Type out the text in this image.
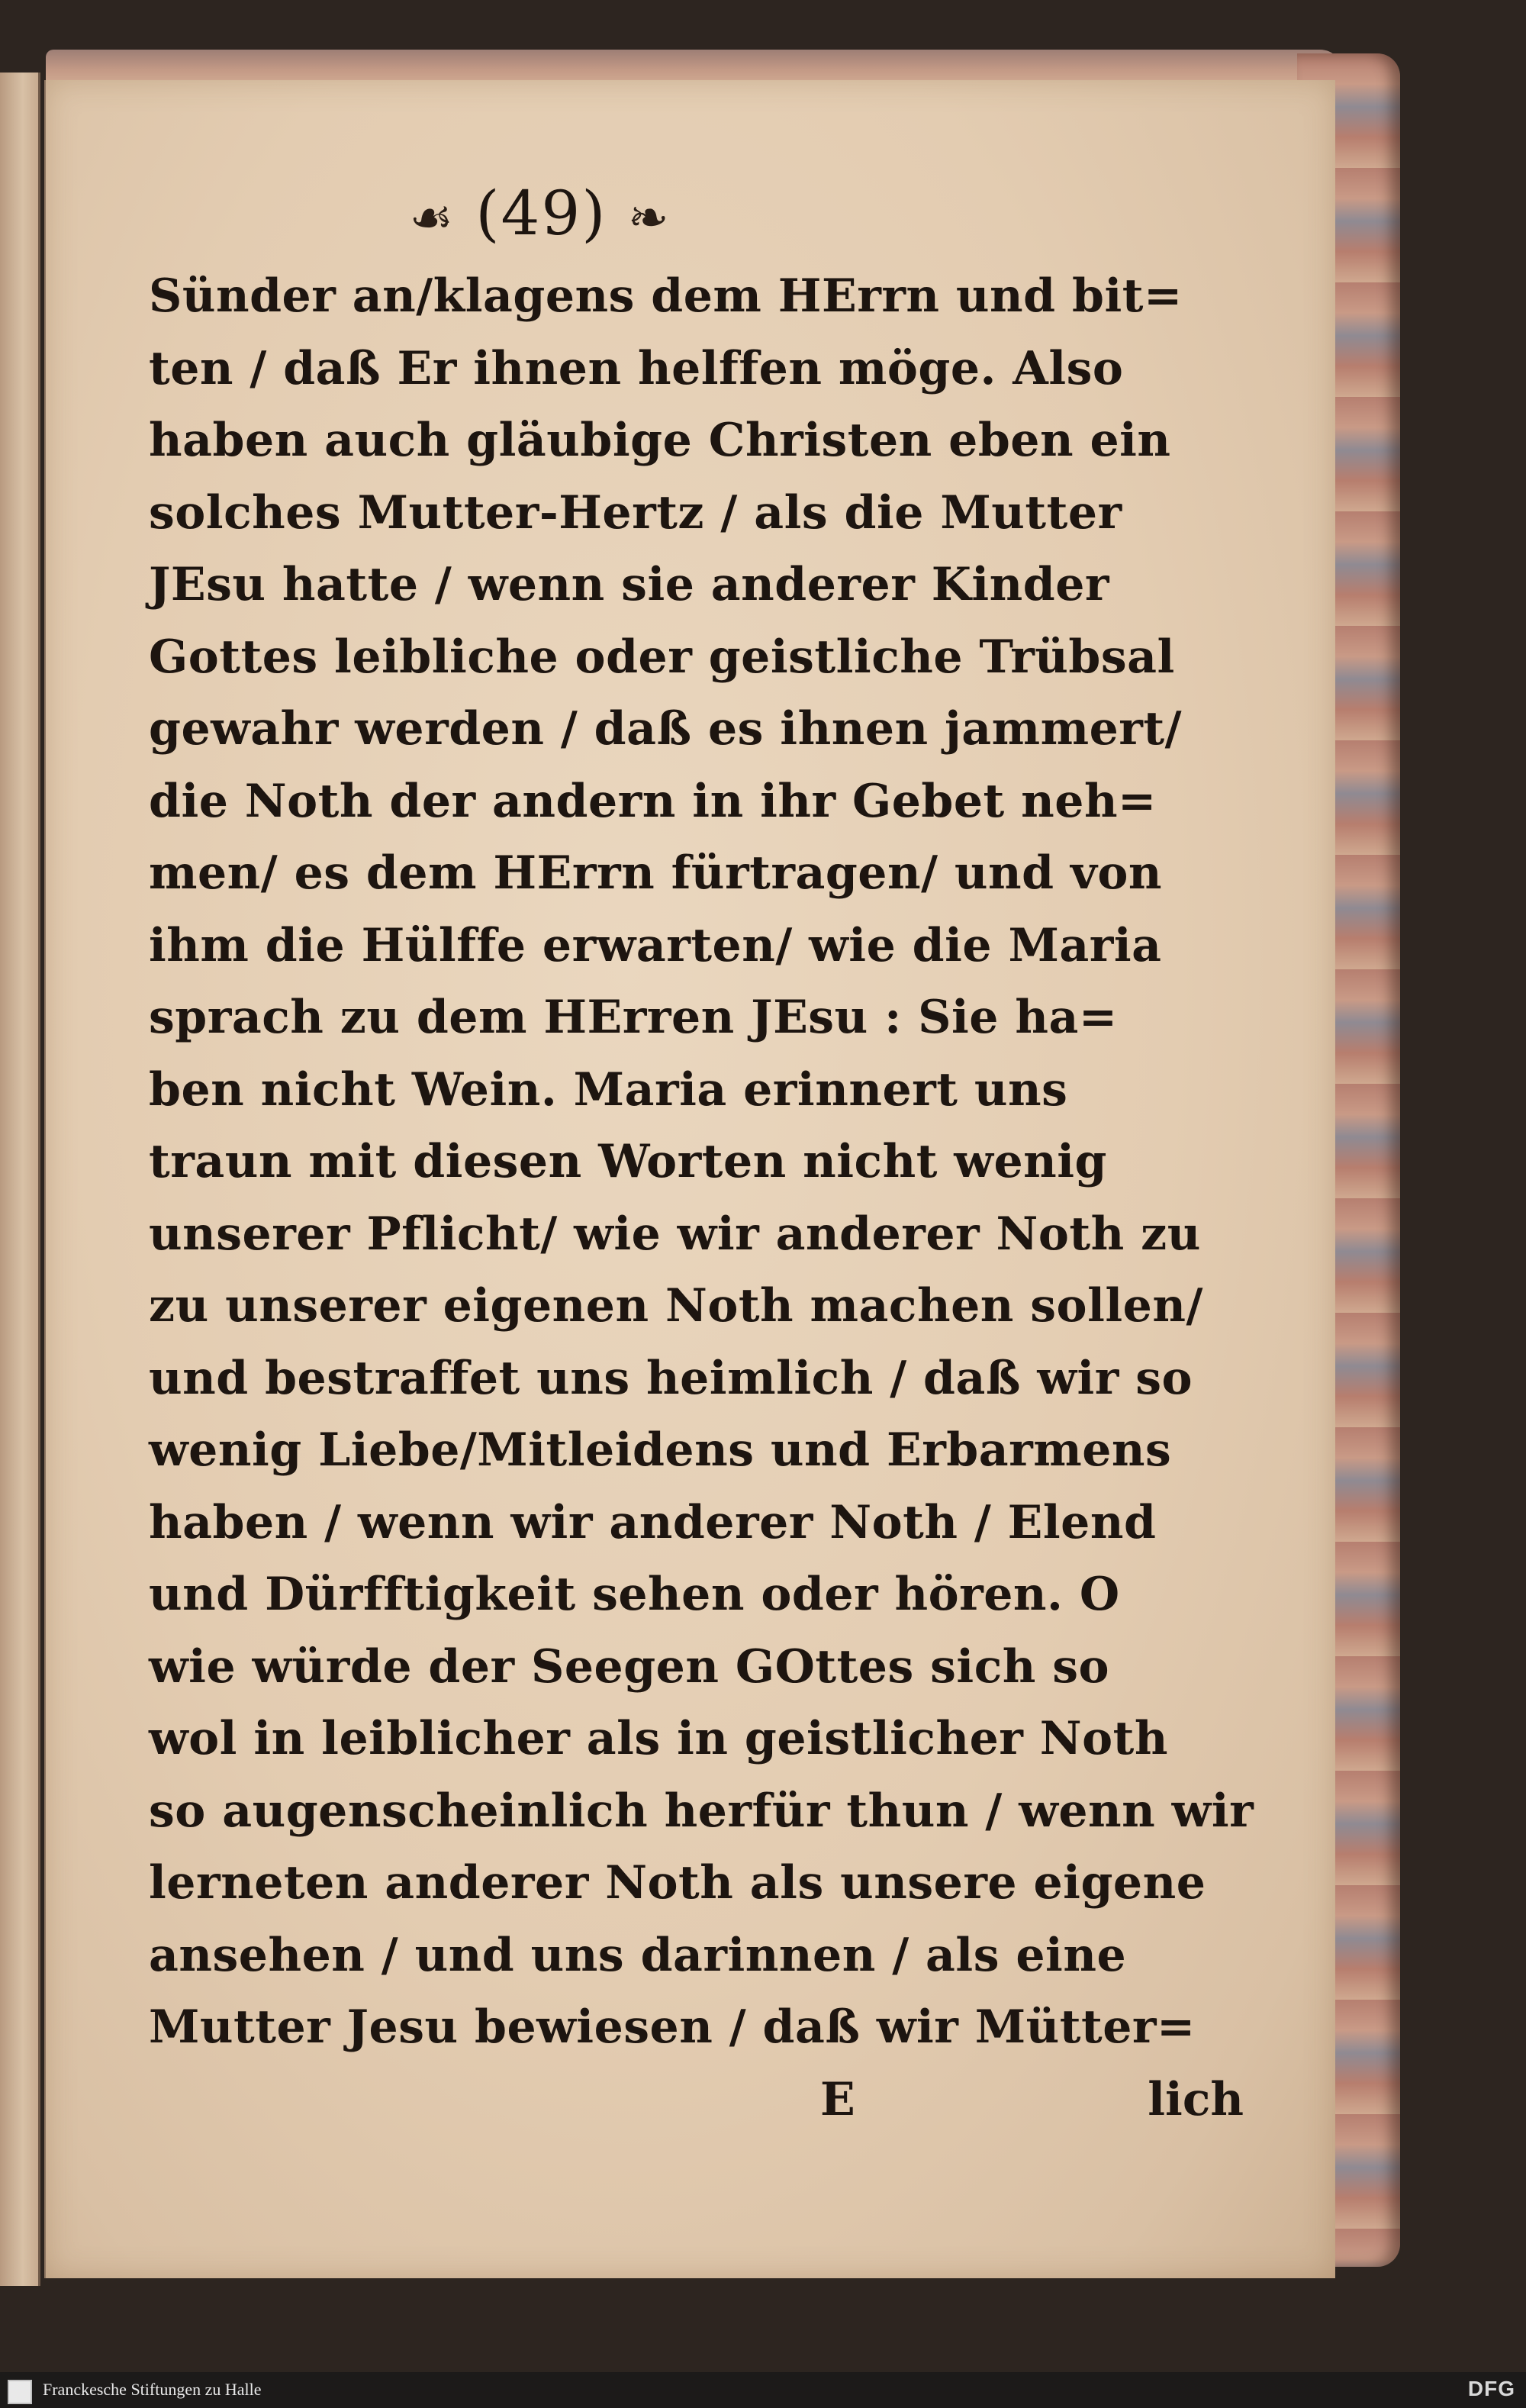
☙ (49) ❧
Sünder an/klagens dem HErrn und bit=
ten / daß Er ihnen helffen möge. Also
haben auch gläubige Christen eben ein
solches Mutter-Hertz / als die Mutter
JEsu hatte / wenn sie anderer Kinder
Gottes leibliche oder geistliche Trübsal
gewahr werden / daß es ihnen jammert/
die Noth der andern in ihr Gebet neh=
men/ es dem HErrn fürtragen/ und von
ihm die Hülffe erwarten/ wie die Maria
sprach zu dem HErren JEsu : Sie ha=
ben nicht Wein. Maria erinnert uns
traun mit diesen Worten nicht wenig
unserer Pflicht/ wie wir anderer Noth zu
zu unserer eigenen Noth machen sollen/
und bestraffet uns heimlich / daß wir so
wenig Liebe/Mitleidens und Erbarmens
haben / wenn wir anderer Noth / Elend
und Dürfftigkeit sehen oder hören. O
wie würde der Seegen GOttes sich so
wol in leiblicher als in geistlicher Noth
so augenscheinlich herfür thun / wenn wir
lerneten anderer Noth als unsere eigene
ansehen / und uns darinnen / als eine
Mutter Jesu bewiesen / daß wir Mütter=
E	lich
Franckesche Stiftungen zu Halle	DFG
